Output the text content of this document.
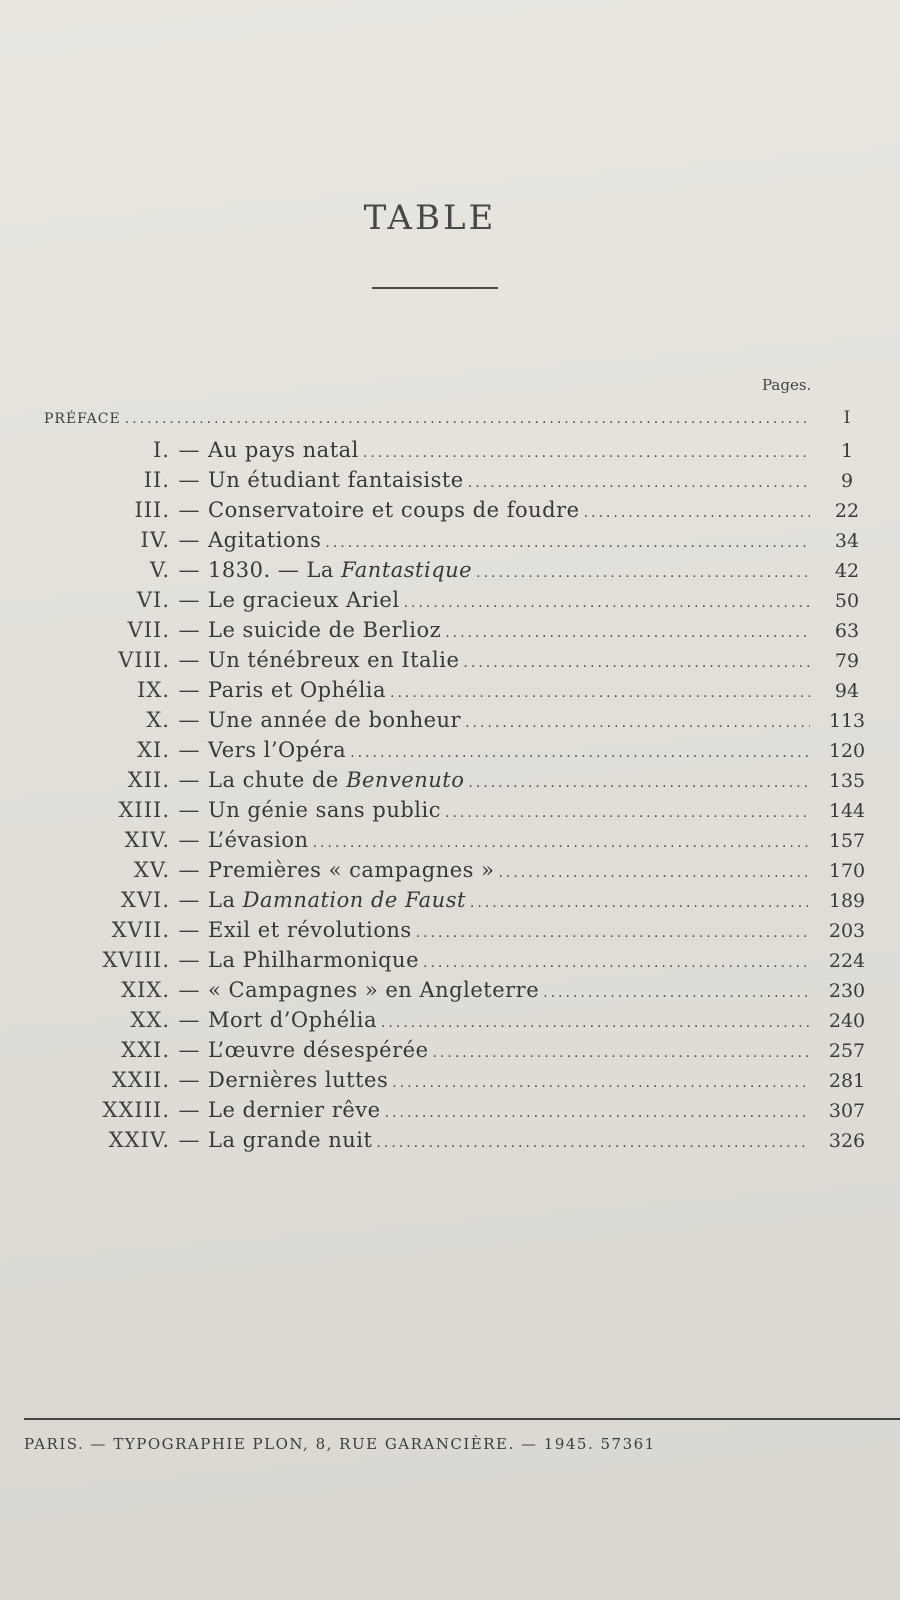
TABLE
Pages.
PRÉFACE .....	I
I. — Au pays natal .....	1
II. — Un étudiant fantaisiste .....	9
III. — Conservatoire et coups de foudre .....	22
IV. — Agitations .....	34
V. — 1830. — La Fantastique .....	42
VI. — Le gracieux Ariel .....	50
VII. — Le suicide de Berlioz .....	63
VIII. — Un ténébreux en Italie .....	79
IX. — Paris et Ophélia .....	94
X. — Une année de bonheur .....	113
XI. — Vers l’Opéra .....	120
XII. — La chute de Benvenuto .....	135
XIII. — Un génie sans public .....	144
XIV. — L’évasion .....	157
XV. — Premières « campagnes » .....	170
XVI. — La Damnation de Faust .....	189
XVII. — Exil et révolutions .....	203
XVIII. — La Philharmonique .....	224
XIX. — « Campagnes » en Angleterre .....	230
XX. — Mort d’Ophélia .....	240
XXI. — L’œuvre désespérée .....	257
XXII. — Dernières luttes .....	281
XXIII. — Le dernier rêve .....	307
XXIV. — La grande nuit .....	326
PARIS. — TYPOGRAPHIE PLON, 8, RUE GARANCIÈRE. — 1945. 57361
